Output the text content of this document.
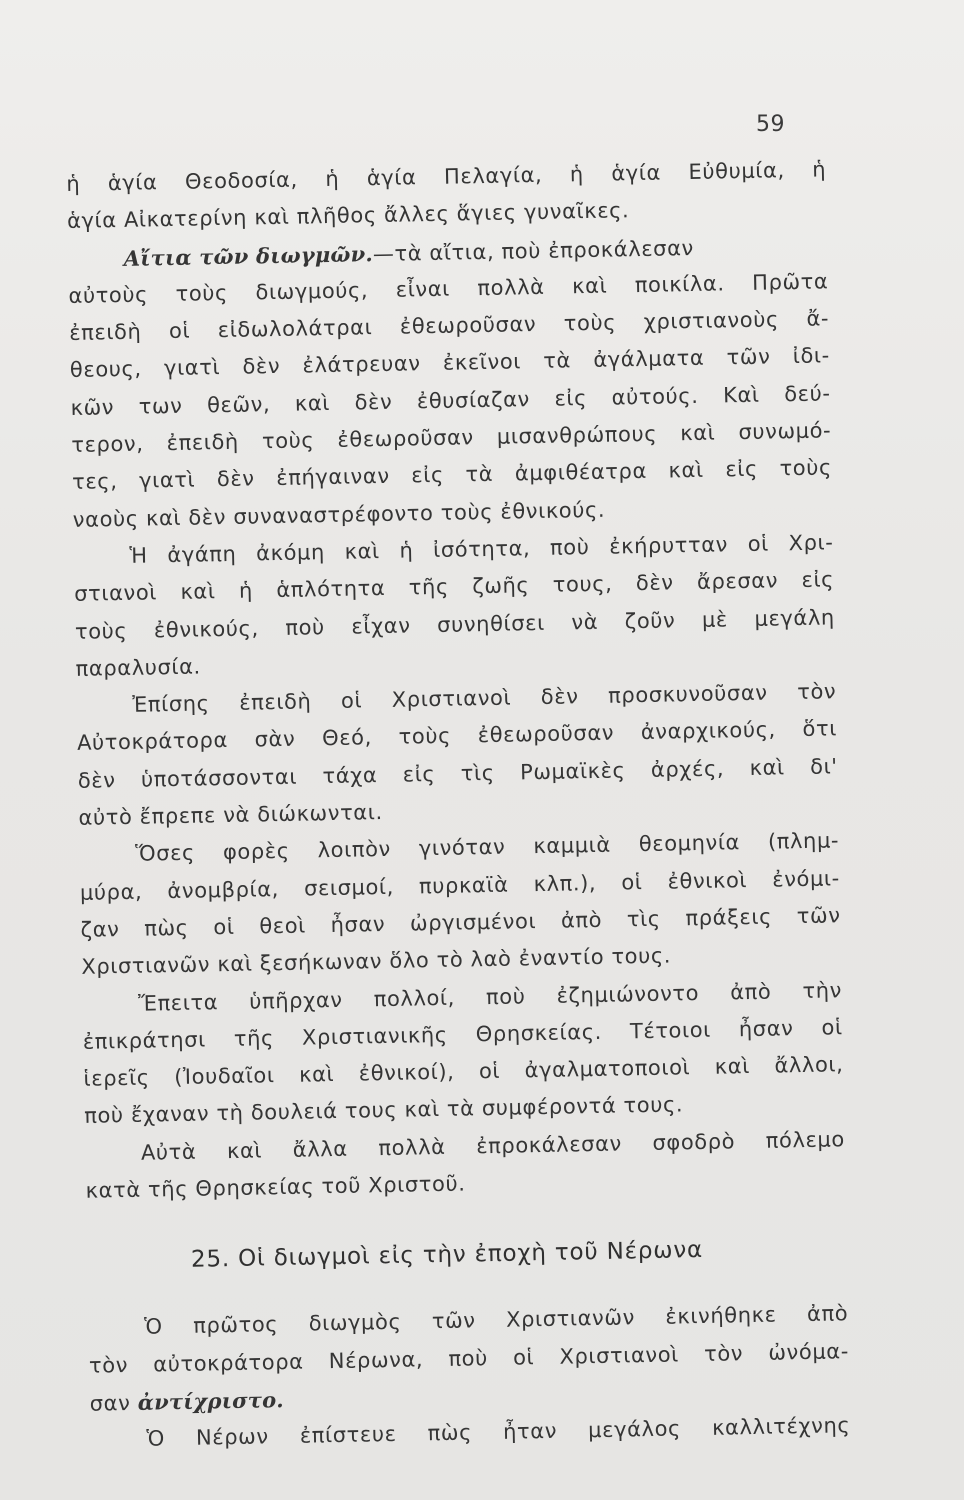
59
ἡ ἁγία Θεοδοσία, ἡ ἁγία Πελαγία, ἡ ἁγία Εὐθυμία, ἡ
ἁγία Αἰκατερίνη καὶ πλῆθος ἄλλες ἅγιες γυναῖκες.
Αἴτια τῶν διωγμῶν.—τὰ αἴτια, ποὺ ἐπροκάλεσαν
αὐτοὺς τοὺς διωγμούς, εἶναι πολλὰ καὶ ποικίλα. Πρῶτα
ἐπειδὴ οἱ εἰδωλολάτραι ἐθεωροῦσαν τοὺς χριστιανοὺς ἄ-
θεους, γιατὶ δὲν ἐλάτρευαν ἐκεῖνοι τὰ ἀγάλματα τῶν ἰδι-
κῶν των θεῶν, καὶ δὲν ἐθυσίαζαν εἰς αὐτούς. Καὶ δεύ-
τερον, ἐπειδὴ τοὺς ἐθεωροῦσαν μισανθρώπους καὶ συνωμό-
τες, γιατὶ δὲν ἐπήγαιναν εἰς τὰ ἀμφιθέατρα καὶ εἰς τοὺς
ναοὺς καὶ δὲν συναναστρέφοντο τοὺς ἐθνικούς.
Ἡ ἀγάπη ἀκόμη καὶ ἡ ἰσότητα, ποὺ ἐκήρυτταν οἱ Χρι-
στιανοὶ καὶ ἡ ἁπλότητα τῆς ζωῆς τους, δὲν ἄρεσαν εἰς
τοὺς ἐθνικούς, ποὺ εἶχαν συνηθίσει νὰ ζοῦν μὲ μεγάλη
παραλυσία.
Ἐπίσης ἐπειδὴ οἱ Χριστιανοὶ δὲν προσκυνοῦσαν τὸν
Αὐτοκράτορα σὰν Θεό, τοὺς ἐθεωροῦσαν ἀναρχικούς, ὅτι
δὲν ὑποτάσσονται τάχα εἰς τὶς Ρωμαϊκὲς ἀρχές, καὶ δι'
αὐτὸ ἔπρεπε νὰ διώκωνται.
Ὅσες φορὲς λοιπὸν γινόταν καμμιὰ θεομηνία (πλημ-
μύρα, ἀνομβρία, σεισμοί, πυρκαϊὰ κλπ.), οἱ ἐθνικοὶ ἐνόμι-
ζαν πὼς οἱ θεοὶ ἦσαν ὠργισμένοι ἀπὸ τὶς πράξεις τῶν
Χριστιανῶν καὶ ξεσήκωναν ὅλο τὸ λαὸ ἐναντίο τους.
Ἔπειτα ὑπῆρχαν πολλοί, ποὺ ἐζημιώνοντο ἀπὸ τὴν
ἐπικράτησι τῆς Χριστιανικῆς Θρησκείας. Τέτοιοι ἦσαν οἱ
ἱερεῖς (Ἰουδαῖοι καὶ ἐθνικοί), οἱ ἀγαλματοποιοὶ καὶ ἄλλοι,
ποὺ ἔχαναν τὴ δουλειά τους καὶ τὰ συμφέροντά τους.
Αὐτὰ καὶ ἄλλα πολλὰ ἐπροκάλεσαν σφοδρὸ πόλεμο
κατὰ τῆς Θρησκείας τοῦ Χριστοῦ.
25. Οἱ διωγμοὶ εἰς τὴν ἐποχὴ τοῦ Νέρωνα
Ὁ πρῶτος διωγμὸς τῶν Χριστιανῶν ἐκινήθηκε ἀπὸ
τὸν αὐτοκράτορα Νέρωνα, ποὺ οἱ Χριστιανοὶ τὸν ὠνόμα-
σαν ἀντίχριστο.
Ὁ Νέρων ἐπίστευε πὼς ἦταν μεγάλος καλλιτέχνης
